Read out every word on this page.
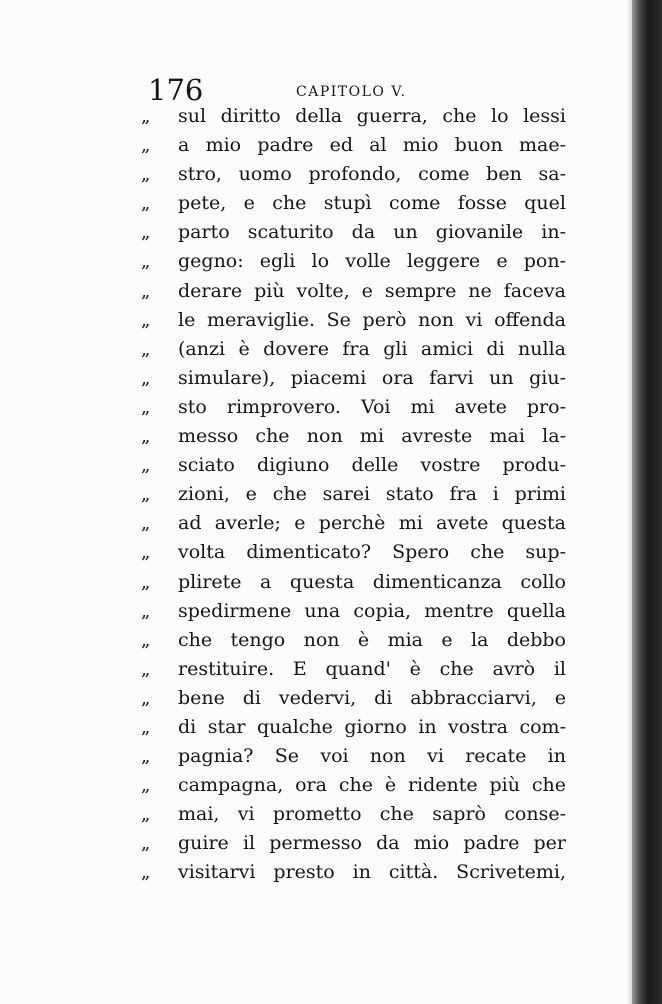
176	CAPITOLO V.
„	sul diritto della guerra, che lo lessi
„	a mio padre ed al mio buon mae-
„	stro, uomo profondo, come ben sa-
„	pete, e che stupì come fosse quel
„	parto scaturito da un giovanile in-
„	gegno: egli lo volle leggere e pon-
„	derare più volte, e sempre ne faceva
„	le meraviglie. Se però non vi offenda
„	(anzi è dovere fra gli amici di nulla
„	simulare), piacemi ora farvi un giu-
„	sto rimprovero. Voi mi avete pro-
„	messo che non mi avreste mai la-
„	sciato digiuno delle vostre produ-
„	zioni, e che sarei stato fra i primi
„	ad averle; e perchè mi avete questa
„	volta dimenticato? Spero che sup-
„	plirete a questa dimenticanza collo
„	spedirmene una copia, mentre quella
„	che tengo non è mia e la debbo
„	restituire. E quand' è che avrò il
„	bene di vedervi, di abbracciarvi, e
„	di star qualche giorno in vostra com-
„	pagnia? Se voi non vi recate in
„	campagna, ora che è ridente più che
„	mai, vi prometto che saprò conse-
„	guire il permesso da mio padre per
„	visitarvi presto in città. Scrivetemi,
